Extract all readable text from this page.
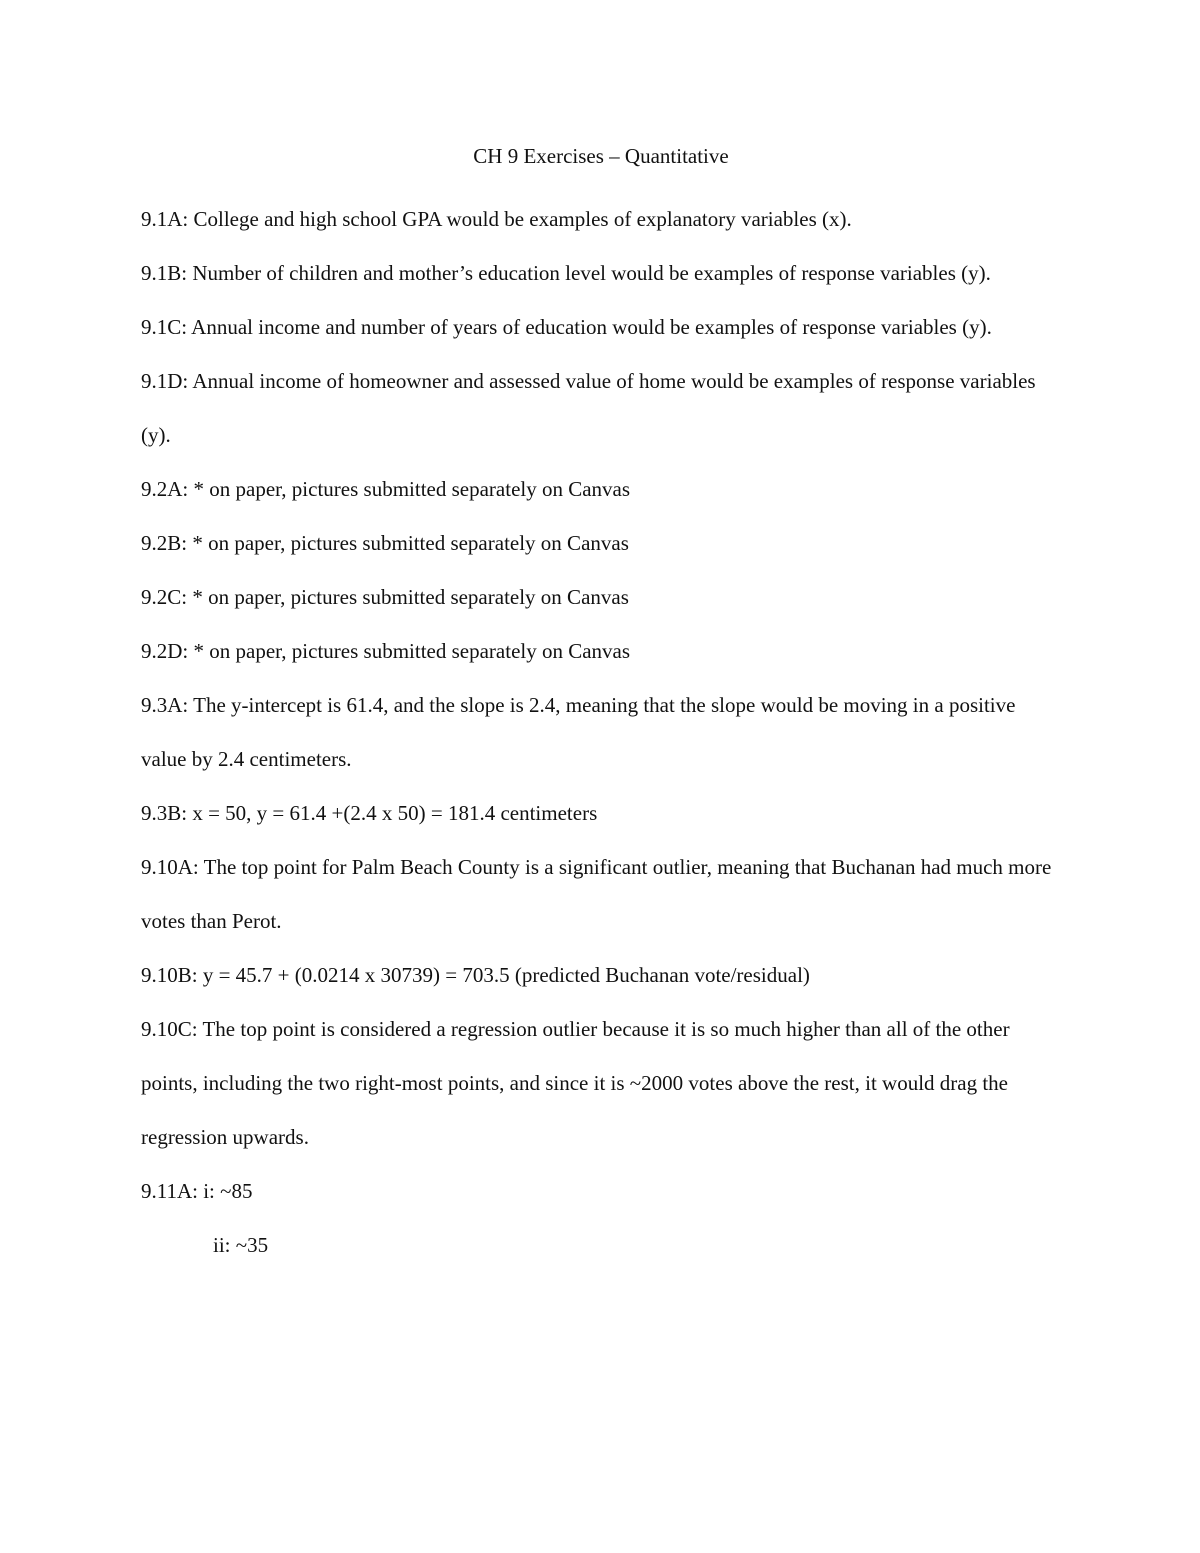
CH 9 Exercises – Quantitative

9.1A: College and high school GPA would be examples of explanatory variables (x).

9.1B: Number of children and mother’s education level would be examples of response variables (y).

9.1C: Annual income and number of years of education would be examples of response variables (y).

9.1D: Annual income of homeowner and assessed value of home would be examples of response variables (y).

9.2A: * on paper, pictures submitted separately on Canvas

9.2B: * on paper, pictures submitted separately on Canvas

9.2C: * on paper, pictures submitted separately on Canvas

9.2D: * on paper, pictures submitted separately on Canvas

9.3A: The y-intercept is 61.4, and the slope is 2.4, meaning that the slope would be moving in a positive value by 2.4 centimeters.

9.3B: x = 50, y = 61.4 +(2.4 x 50) = 181.4 centimeters

9.10A: The top point for Palm Beach County is a significant outlier, meaning that Buchanan had much more votes than Perot.

9.10B: y = 45.7 + (0.0214 x 30739) = 703.5 (predicted Buchanan vote/residual)

9.10C: The top point is considered a regression outlier because it is so much higher than all of the other points, including the two right-most points, and since it is ~2000 votes above the rest, it would drag the regression upwards.

9.11A: i: ~85

ii: ~35
